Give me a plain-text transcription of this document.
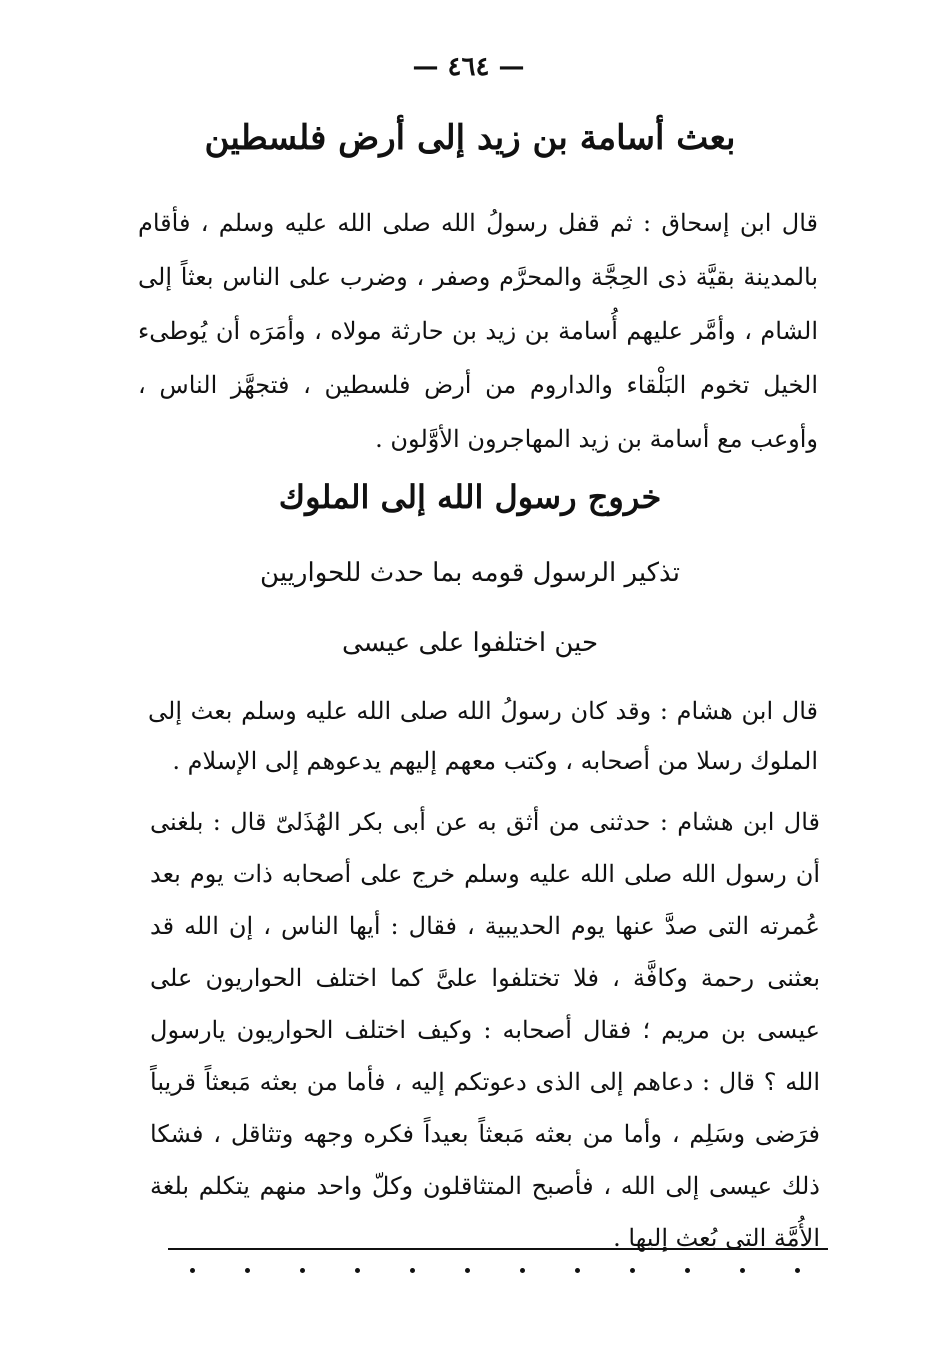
— ٤٦٤ —
بعث أسامة بن زيد إلى أرض فلسطين
قال ابن إسحاق : ثم قفل رسولُ الله صلى الله عليه وسلم ، فأقام بالمدينة بقيَّة ذى الحِجَّة والمحرَّم وصفر ، وضرب على الناس بعثاً إلى الشام ، وأمَّر عليهم أُسامة بن زيد بن حارثة مولاه ، وأمَرَه أن يُوطىء الخيل تخوم البَلْقاء والداروم من أرض فلسطين ، فتجهَّز الناس ، وأوعب مع أسامة بن زيد المهاجرون الأوَّلون .
خروج رسول الله إلى الملوك
تذكير الرسول قومه بما حدث للحواريين
حين اختلفوا على عيسى
قال ابن هشام : وقد كان رسولُ الله صلى الله عليه وسلم بعث إلى الملوك رسلا من أصحابه ، وكتب معهم إليهم يدعوهم إلى الإسلام .
قال ابن هشام : حدثنى من أثق به عن أبى بكر الهُذَلىّ قال : بلغنى أن رسول الله صلى الله عليه وسلم خرج على أصحابه ذات يوم بعد عُمرته التى صدَّ عنها يوم الحديبية ، فقال : أيها الناس ، إن الله قد بعثنى رحمة وكافَّة ، فلا تختلفوا علىَّ كما اختلف الحواريون على عيسى بن مريم ؛ فقال أصحابه : وكيف اختلف الحواريون يارسول الله ؟ قال : دعاهم إلى الذى دعوتكم إليه ، فأما من بعثه مَبعثاً قريباً فرَضى وسَلِم ، وأما من بعثه مَبعثاً بعيداً فكره وجهه وتثاقل ، فشكا ذلك عيسى إلى الله ، فأصبح المتثاقلون وكلّ واحد منهم يتكلم بلغة الأُمَّة التى بُعث إليها .
